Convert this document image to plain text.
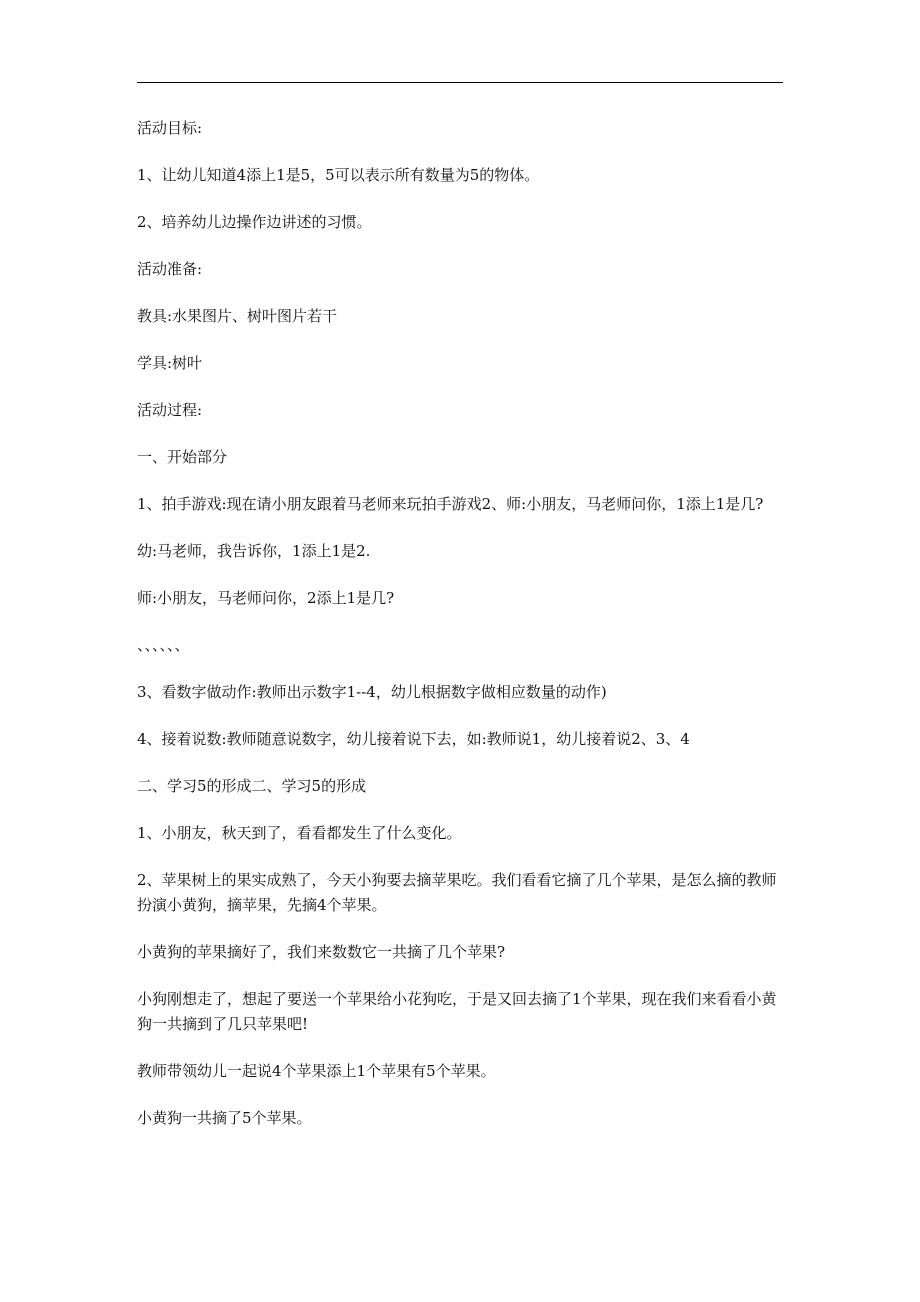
活动目标:

1、让幼儿知道4添上1是5，5可以表示所有数量为5的物体。

2、培养幼儿边操作边讲述的习惯。

活动准备:

教具:水果图片、树叶图片若干

学具:树叶

活动过程:

一、开始部分

1、拍手游戏:现在请小朋友跟着马老师来玩拍手游戏2、师:小朋友，马老师问你，1添上1是几?

幼:马老师，我告诉你，1添上1是2.

师:小朋友，马老师问你，2添上1是几?

、、、、、、

3、看数字做动作:教师出示数字1--4，幼儿根据数字做相应数量的动作)

4、接着说数:教师随意说数字，幼儿接着说下去，如:教师说1，幼儿接着说2、3、4

二、学习5的形成二、学习5的形成

1、小朋友，秋天到了，看看都发生了什么变化。

2、苹果树上的果实成熟了，今天小狗要去摘苹果吃。我们看看它摘了几个苹果，是怎么摘的教师扮演小黄狗，摘苹果，先摘4个苹果。

小黄狗的苹果摘好了，我们来数数它一共摘了几个苹果?

小狗刚想走了，想起了要送一个苹果给小花狗吃，于是又回去摘了1个苹果，现在我们来看看小黄狗一共摘到了几只苹果吧!

教师带领幼儿一起说4个苹果添上1个苹果有5个苹果。

小黄狗一共摘了5个苹果。
